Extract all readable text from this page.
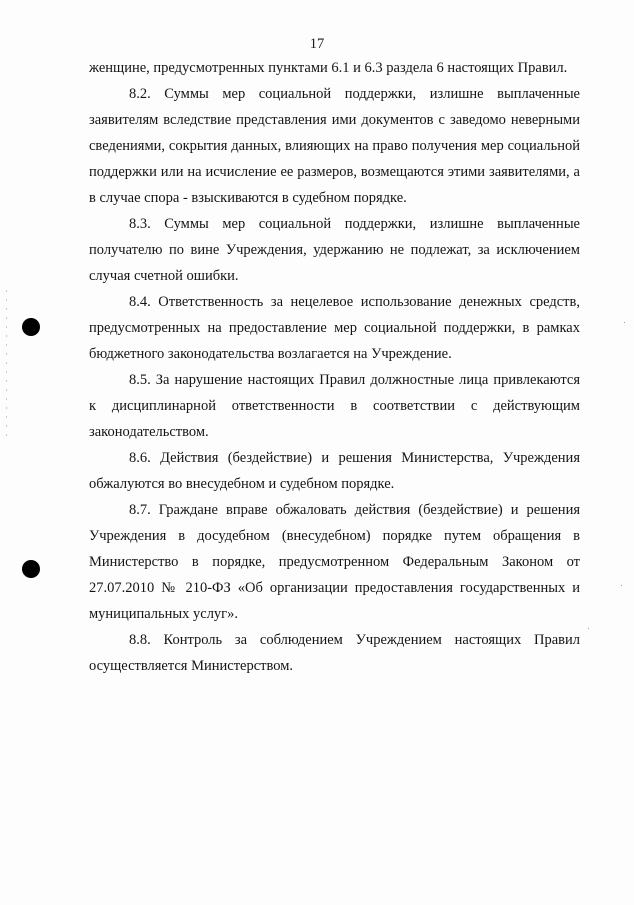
17

женщине, предусмотренных пунктами 6.1 и 6.3 раздела 6 настоящих Правил.

8.2. Суммы мер социальной поддержки, излишне выплаченные заявителям вследствие представления ими документов с заведомо неверными сведениями, сокрытия данных, влияющих на право получения мер социальной поддержки или на исчисление ее размеров, возмещаются этими заявителями, а в случае спора - взыскиваются в судебном порядке.

8.3. Суммы мер социальной поддержки, излишне выплаченные получателю по вине Учреждения, удержанию не подлежат, за исключением случая счетной ошибки.

8.4. Ответственность за нецелевое использование денежных средств, предусмотренных на предоставление мер социальной поддержки, в рамках бюджетного законодательства возлагается на Учреждение.

8.5. За нарушение настоящих Правил должностные лица привлекаются к дисциплинарной ответственности в соответствии с действующим законодательством.

8.6. Действия (бездействие) и решения Министерства, Учреждения обжалуются во внесудебном и судебном порядке.

8.7. Граждане вправе обжаловать действия (бездействие) и решения Учреждения в досудебном (внесудебном) порядке путем обращения в Министерство в порядке, предусмотренном Федеральным Законом от 27.07.2010 № 210-ФЗ «Об организации предоставления государственных и муниципальных услуг».

8.8. Контроль за соблюдением Учреждением настоящих Правил осуществляется Министерством.
